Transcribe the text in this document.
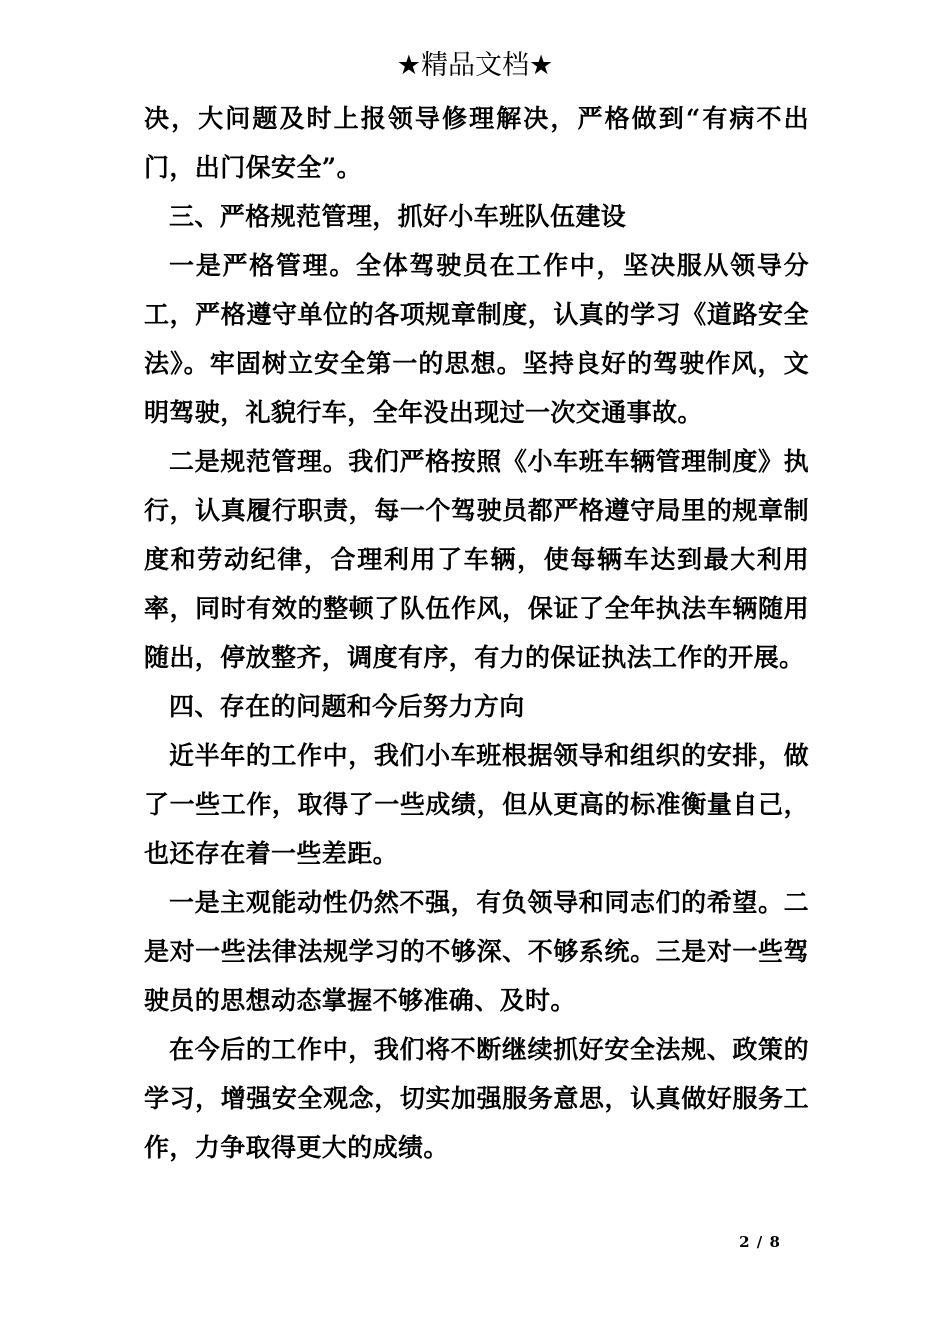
★精品文档★

决，大问题及时上报领导修理解决，严格做到“有病不出门，出门保安全”。

三、严格规范管理，抓好小车班队伍建设

一是严格管理。全体驾驶员在工作中，坚决服从领导分工，严格遵守单位的各项规章制度，认真的学习《道路安全法》。牢固树立安全第一的思想。坚持良好的驾驶作风，文明驾驶，礼貌行车，全年没出现过一次交通事故。

二是规范管理。我们严格按照《小车班车辆管理制度》执行，认真履行职责，每一个驾驶员都严格遵守局里的规章制度和劳动纪律，合理利用了车辆，使每辆车达到最大利用率，同时有效的整顿了队伍作风，保证了全年执法车辆随用随出，停放整齐，调度有序，有力的保证执法工作的开展。

四、存在的问题和今后努力方向

近半年的工作中，我们小车班根据领导和组织的安排，做了一些工作，取得了一些成绩，但从更高的标准衡量自己，也还存在着一些差距。

一是主观能动性仍然不强，有负领导和同志们的希望。二是对一些法律法规学习的不够深、不够系统。三是对一些驾驶员的思想动态掌握不够准确、及时。

在今后的工作中，我们将不断继续抓好安全法规、政策的学习，增强安全观念，切实加强服务意思，认真做好服务工作，力争取得更大的成绩。

2 / 8
